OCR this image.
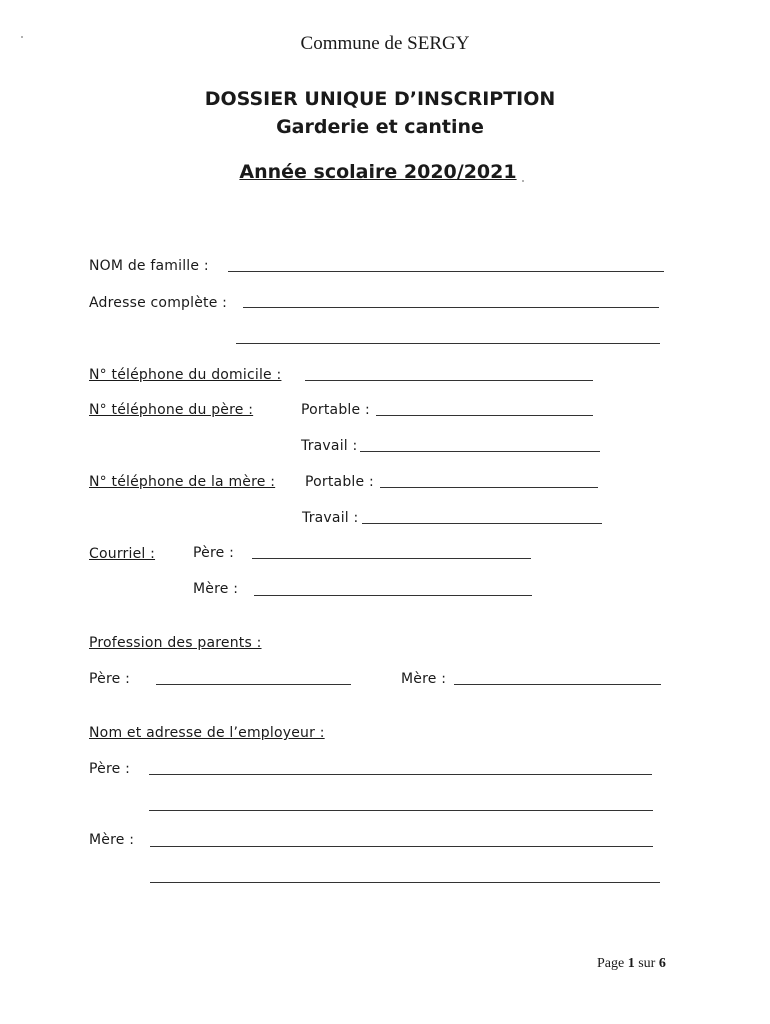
Commune de SERGY
DOSSIER UNIQUE D’INSCRIPTION
Garderie et cantine
Année scolaire 2020/2021
NOM de famille :
Adresse complète :
N° téléphone du domicile :
N° téléphone du père :	Portable :
Travail :
N° téléphone de la mère : Portable :
Travail :
Courriel :	Père :
Mère :
Profession des parents :
Père :	Mère :
Nom et adresse de l’employeur :
Père :
Mère :
Page 1 sur 6
